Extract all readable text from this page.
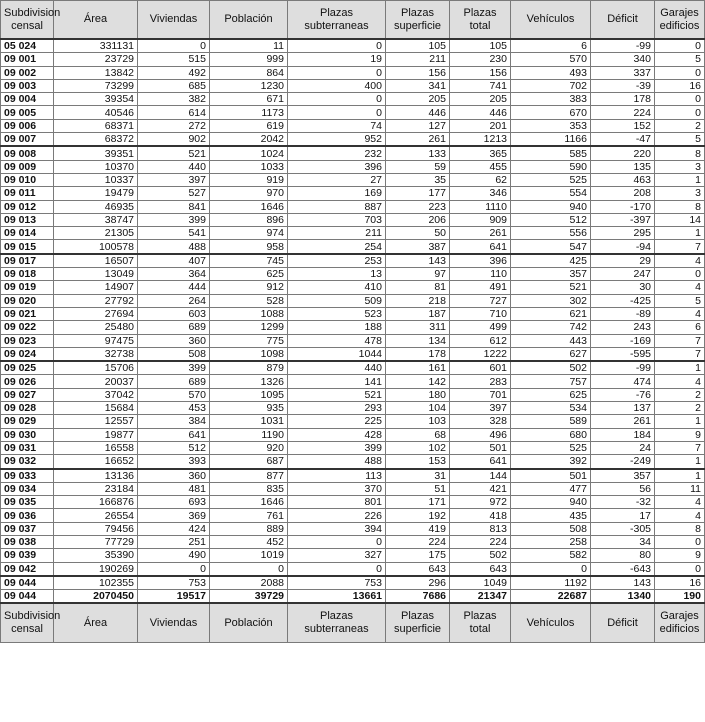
Subdivision censal	Área	Viviendas	Población	Plazas subterraneas	Plazas superficie	Plazas total	Vehículos	Déficit	Garajes edificios
05 024	331131	0	11	0	105	105	6	-99	0
09 001	23729	515	999	19	211	230	570	340	5
09 002	13842	492	864	0	156	156	493	337	0
09 003	73299	685	1230	400	341	741	702	-39	16
09 004	39354	382	671	0	205	205	383	178	0
09 005	40546	614	1173	0	446	446	670	224	0
09 006	68371	272	619	74	127	201	353	152	2
09 007	68372	902	2042	952	261	1213	1166	-47	5
09 008	39351	521	1024	232	133	365	585	220	8
09 009	10370	440	1033	396	59	455	590	135	3
09 010	10337	397	919	27	35	62	525	463	1
09 011	19479	527	970	169	177	346	554	208	3
09 012	46935	841	1646	887	223	1110	940	-170	8
09 013	38747	399	896	703	206	909	512	-397	14
09 014	21305	541	974	211	50	261	556	295	1
09 015	100578	488	958	254	387	641	547	-94	7
09 017	16507	407	745	253	143	396	425	29	4
09 018	13049	364	625	13	97	110	357	247	0
09 019	14907	444	912	410	81	491	521	30	4
09 020	27792	264	528	509	218	727	302	-425	5
09 021	27694	603	1088	523	187	710	621	-89	4
09 022	25480	689	1299	188	311	499	742	243	6
09 023	97475	360	775	478	134	612	443	-169	7
09 024	32738	508	1098	1044	178	1222	627	-595	7
09 025	15706	399	879	440	161	601	502	-99	1
09 026	20037	689	1326	141	142	283	757	474	4
09 027	37042	570	1095	521	180	701	625	-76	2
09 028	15684	453	935	293	104	397	534	137	2
09 029	12557	384	1031	225	103	328	589	261	1
09 030	19877	641	1190	428	68	496	680	184	9
09 031	16558	512	920	399	102	501	525	24	7
09 032	16652	393	687	488	153	641	392	-249	1
09 033	13136	360	877	113	31	144	501	357	1
09 034	23184	481	835	370	51	421	477	56	11
09 035	166876	693	1646	801	171	972	940	-32	4
09 036	26554	369	761	226	192	418	435	17	4
09 037	79456	424	889	394	419	813	508	-305	8
09 038	77729	251	452	0	224	224	258	34	0
09 039	35390	490	1019	327	175	502	582	80	9
09 042	190269	0	0	0	643	643	0	-643	0
09 044	102355	753	2088	753	296	1049	1192	143	16
09 044	2070450	19517	39729	13661	7686	21347	22687	1340	190
Subdivision censal	Área	Viviendas	Población	Plazas subterraneas	Plazas superficie	Plazas total	Vehículos	Déficit	Garajes edificios
